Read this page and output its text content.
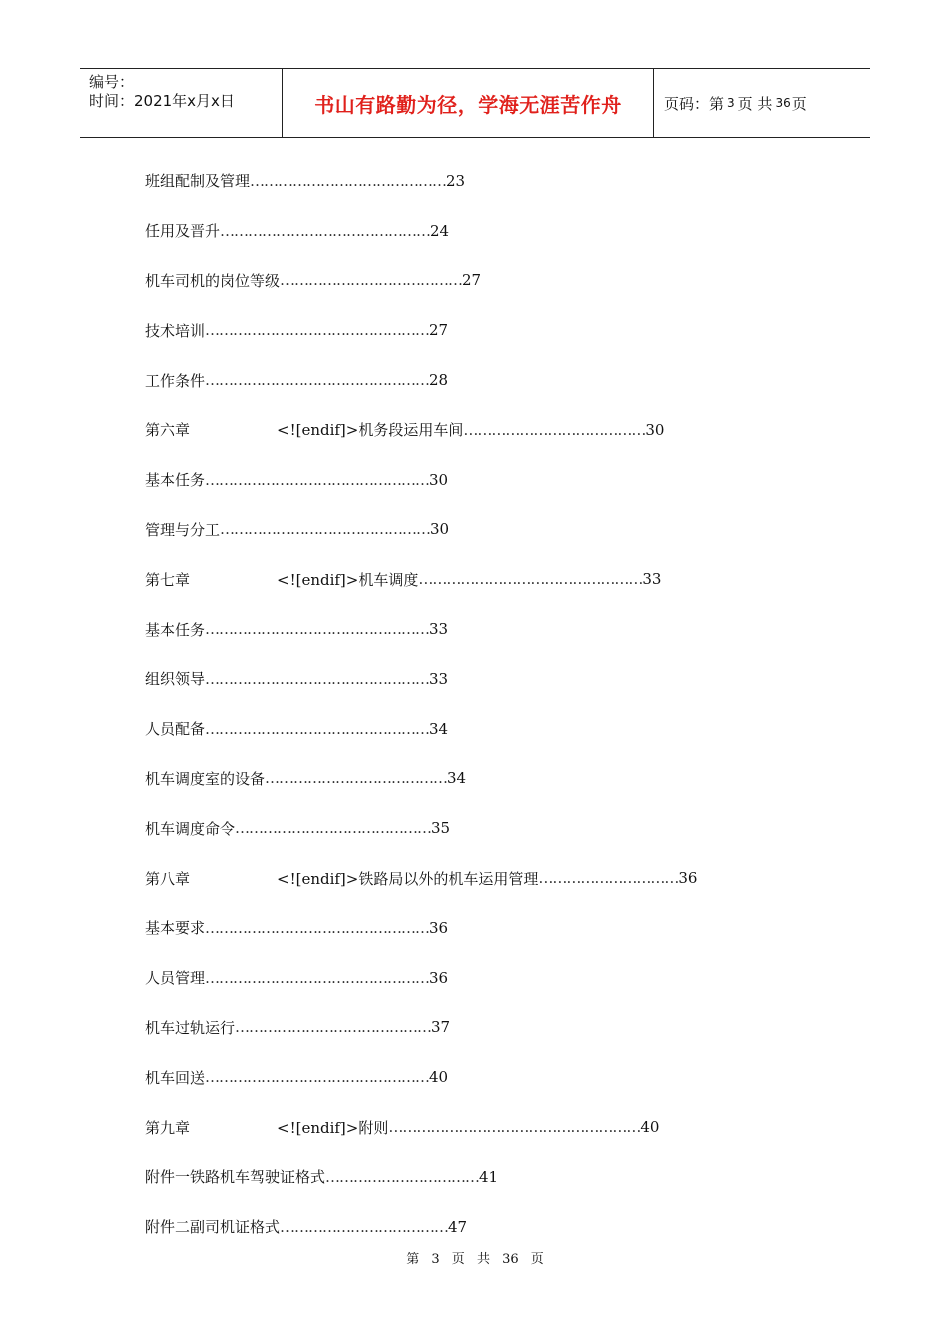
编号：
时间：2021年x月x日	书山有路勤为径，学海无涯苦作舟	页码：第 3 页 共 36 页
班组配制及管理 …………………………………… 23
任用及晋升 ……………………………………… 24
机车司机的岗位等级 ………………………………… 27
技术培训 ………………………………………… 27
工作条件 ………………………………………… 28
第六章	<![endif]>机务段运用车间 ………………………………… 30
基本任务 ………………………………………… 30
管理与分工 ……………………………………… 30
第七章	<![endif]>机车调度 ………………………………………… 33
基本任务 ………………………………………… 33
组织领导 ………………………………………… 33
人员配备 ………………………………………… 34
机车调度室的设备 ………………………………… 34
机车调度命令 …………………………………… 35
第八章	<![endif]>铁路局以外的机车运用管理 ………………………… 36
基本要求 ………………………………………… 36
人员管理 ………………………………………… 36
机车过轨运行 …………………………………… 37
机车回送 ………………………………………… 40
第九章	<![endif]>附则 ……………………………………………… 40
附件一铁路机车驾驶证格式 …………………………… 41
附件二副司机证格式 ……………………………… 47
第 3 页 共 36 页
